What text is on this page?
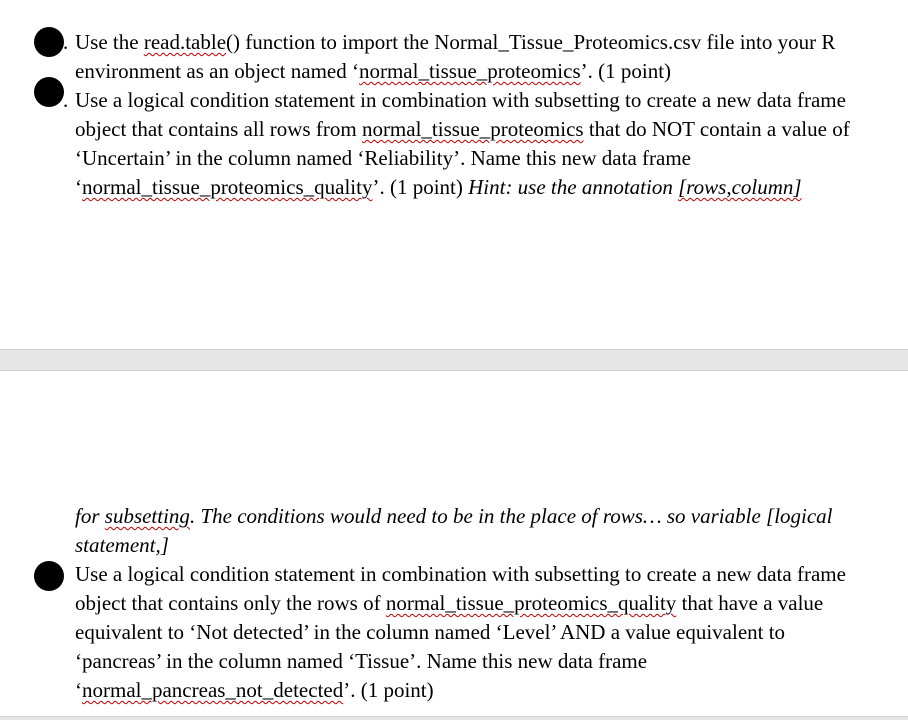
. Use the read.table() function to import the Normal_Tissue_Proteomics.csv file into your R environment as an object named ‘normal_tissue_proteomics’. (1 point)
. Use a logical condition statement in combination with subsetting to create a new data frame object that contains all rows from normal_tissue_proteomics that do NOT contain a value of ‘Uncertain’ in the column named ‘Reliability’. Name this new data frame ‘normal_tissue_proteomics_quality’. (1 point) Hint: use the annotation [rows,column]
for subsetting. The conditions would need to be in the place of rows… so variable [logical statement,]
Use a logical condition statement in combination with subsetting to create a new data frame object that contains only the rows of normal_tissue_proteomics_quality that have a value equivalent to ‘Not detected’ in the column named ‘Level’ AND a value equivalent to ‘pancreas’ in the column named ‘Tissue’. Name this new data frame ‘normal_pancreas_not_detected’. (1 point)
